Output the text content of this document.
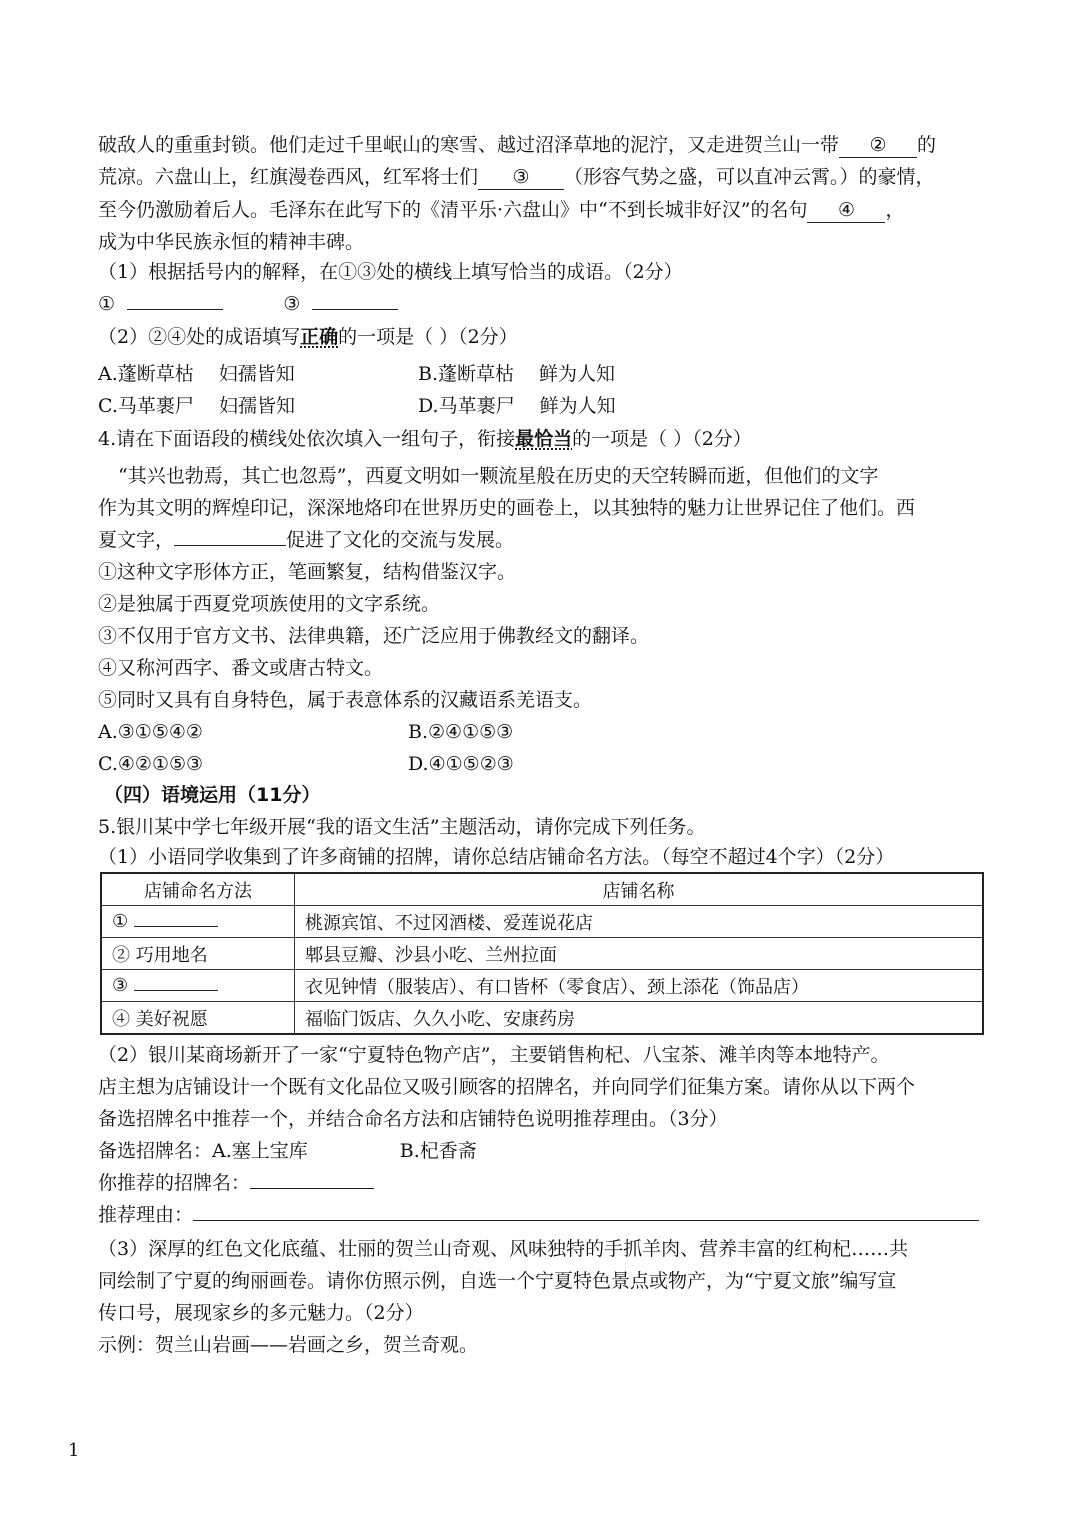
破敌人的重重封锁。他们走过千里岷山的寒雪、越过沼泽草地的泥泞，又走进贺兰山一带 ② 的
荒凉。六盘山上，红旗漫卷西风，红军将士们 ③ （形容气势之盛，可以直冲云霄。）的豪情，
至今仍激励着后人。毛泽东在此写下的《清平乐·六盘山》中“不到长城非好汉”的名句 ④ ，
成为中华民族永恒的精神丰碑。
（1）根据括号内的解释，在①③处的横线上填写恰当的成语。（2分）
①	③
（2）②④处的成语填写正确的一项是（ ）（2分）
A.蓬断草枯　 妇孺皆知	B.蓬断草枯　 鲜为人知
C.马革裹尸　 妇孺皆知	D.马革裹尸　 鲜为人知
4.请在下面语段的横线处依次填入一组句子，衔接最恰当的一项是（ ）（2分）
“其兴也勃焉，其亡也忽焉”，西夏文明如一颗流星般在历史的天空转瞬而逝，但他们的文字
作为其文明的辉煌印记，深深地烙印在世界历史的画卷上，以其独特的魅力让世界记住了他们。西
夏文字，	促进了文化的交流与发展。
①这种文字形体方正，笔画繁复，结构借鉴汉字。
②是独属于西夏党项族使用的文字系统。
③不仅用于官方文书、法律典籍，还广泛应用于佛教经文的翻译。
④又称河西字、番文或唐古特文。
⑤同时又具有自身特色，属于表意体系的汉藏语系羌语支。
A.③①⑤④②	B.②④①⑤③
C.④②①⑤③	D.④①⑤②③
（四）语境运用（11分）
5.银川某中学七年级开展“我的语文生活”主题活动，请你完成下列任务。
（1）小语同学收集到了许多商铺的招牌，请你总结店铺命名方法。（每空不超过4个字）（2分）
店铺命名方法	店铺名称
①	桃源宾馆、不过冈酒楼、爱莲说花店
② 巧用地名	郫县豆瓣、沙县小吃、兰州拉面
③	衣见钟情（服装店）、有口皆杯（零食店）、颈上添花（饰品店）
④ 美好祝愿	福临门饭店、久久小吃、安康药房
（2）银川某商场新开了一家“宁夏特色物产店”，主要销售枸杞、八宝茶、滩羊肉等本地特产。
店主想为店铺设计一个既有文化品位又吸引顾客的招牌名，并向同学们征集方案。请你从以下两个
备选招牌名中推荐一个，并结合命名方法和店铺特色说明推荐理由。（3分）
备选招牌名：A.塞上宝库	B.杞香斋
你推荐的招牌名：
推荐理由：
（3）深厚的红色文化底蕴、壮丽的贺兰山奇观、风味独特的手抓羊肉、营养丰富的红枸杞……共
同绘制了宁夏的绚丽画卷。请你仿照示例，自选一个宁夏特色景点或物产，为“宁夏文旅”编写宣
传口号，展现家乡的多元魅力。（2分）
示例：贺兰山岩画——岩画之乡，贺兰奇观。
1
